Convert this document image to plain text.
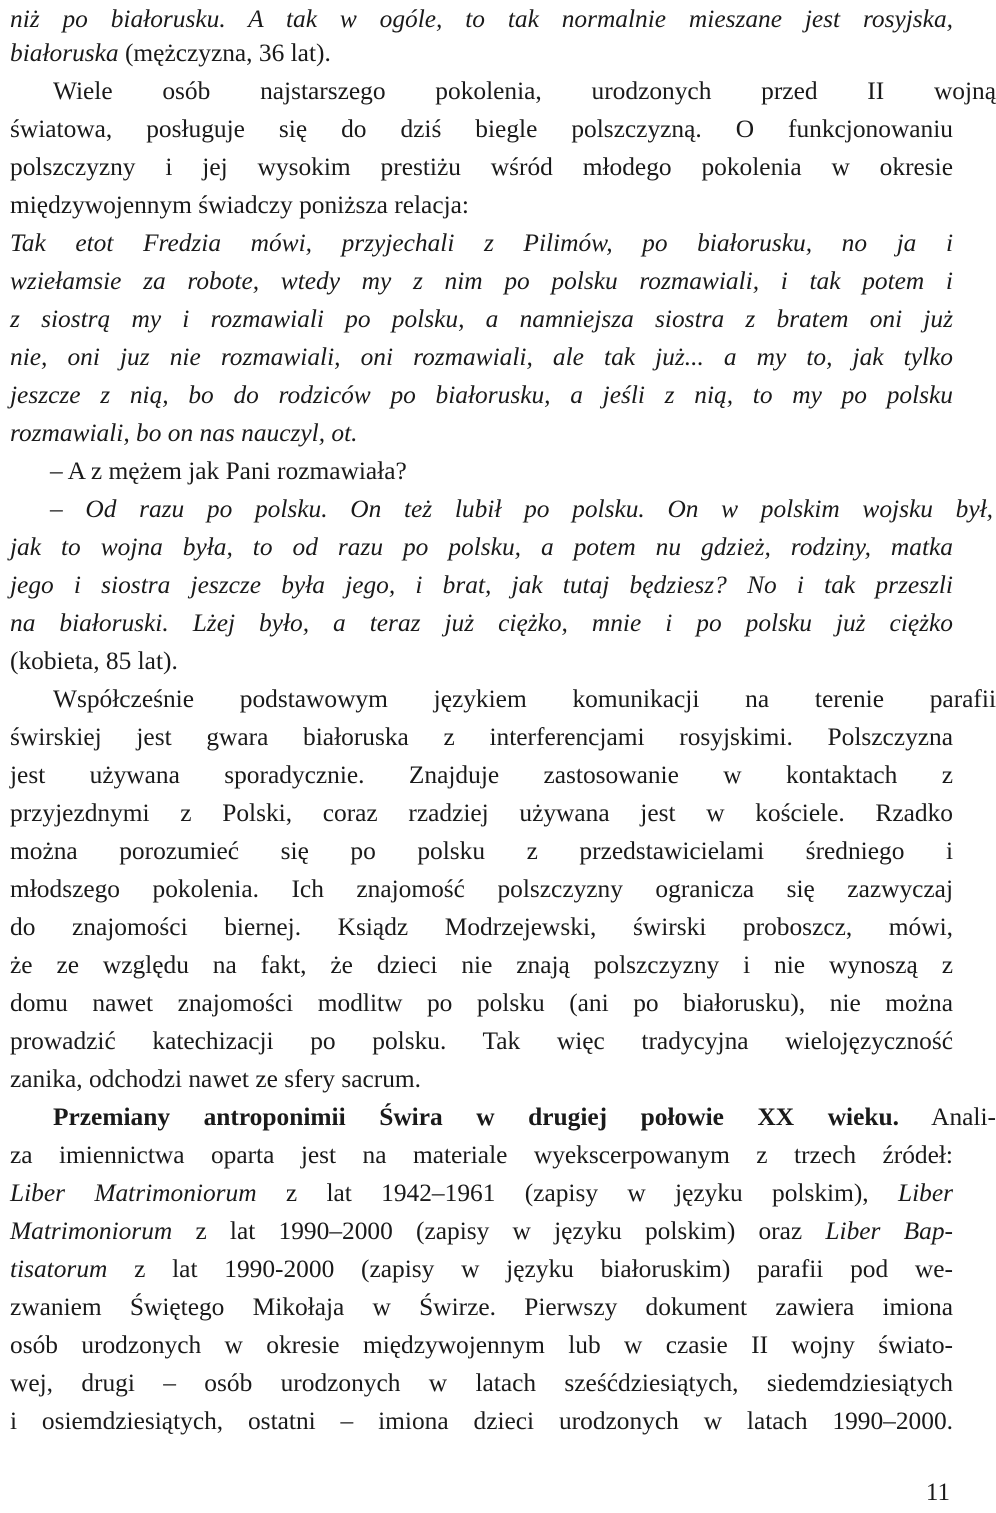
niż po białorusku. A tak w ogóle, to tak normalnie mieszane jest rosyjska,
białoruska (mężczyzna, 36 lat).
Wiele osób najstarszego pokolenia, urodzonych przed II wojną
światowa, posługuje się do dziś biegle polszczyzną. O funkcjonowaniu
polszczyzny i jej wysokim prestiżu wśród młodego pokolenia w okresie
międzywojennym świadczy poniższa relacja:
Tak etot Fredzia mówi, przyjechali z Pilimów, po białorusku, no ja i
wziełamsie za robote, wtedy my z nim po polsku rozmawiali, i tak potem i
z siostrą my i rozmawiali po polsku, a namniejsza siostra z bratem oni już
nie, oni juz nie rozmawiali, oni rozmawiali, ale tak już... a my to, jak tylko
jeszcze z nią, bo do rodziców po białorusku, a jeśli z nią, to my po polsku
rozmawiali, bo on nas nauczyl, ot.
– A z mężem jak Pani rozmawiała?
– Od razu po polsku. On też lubił po polsku. On w polskim wojsku był,
jak to wojna była, to od razu po polsku, a potem nu gdzież, rodziny, matka
jego i siostra jeszcze była jego, i brat, jak tutaj będziesz? No i tak przeszli
na białoruski. Lżej było, a teraz już ciężko, mnie i po polsku już ciężko
(kobieta, 85 lat).
Współcześnie podstawowym językiem komunikacji na terenie parafii
świrskiej jest gwara białoruska z interferencjami rosyjskimi. Polszczyzna
jest używana sporadycznie. Znajduje zastosowanie w kontaktach z
przyjezdnymi z Polski, coraz rzadziej używana jest w kościele. Rzadko
można porozumieć się po polsku z przedstawicielami średniego i
młodszego pokolenia. Ich znajomość polszczyzny ogranicza się zazwyczaj
do znajomości biernej. Ksiądz Modrzejewski, świrski proboszcz, mówi,
że ze względu na fakt, że dzieci nie znają polszczyzny i nie wynoszą z
domu nawet znajomości modlitw po polsku (ani po białorusku), nie można
prowadzić katechizacji po polsku. Tak więc tradycyjna wielojęzyczność
zanika, odchodzi nawet ze sfery sacrum.
Przemiany antroponimii Świra w drugiej połowie XX wieku. Anali-
za imiennictwa oparta jest na materiale wyekscerpowanym z trzech źródeł:
Liber Matrimoniorum z lat 1942–1961 (zapisy w języku polskim), Liber
Matrimoniorum z lat 1990–2000 (zapisy w języku polskim) oraz Liber Bap-
tisatorum z lat 1990-2000 (zapisy w języku białoruskim) parafii pod we-
zwaniem Świętego Mikołaja w Świrze. Pierwszy dokument zawiera imiona
osób urodzonych w okresie międzywojennym lub w czasie II wojny świato-
wej, drugi – osób urodzonych w latach sześćdziesiątych, siedemdziesiątych
i osiemdziesiątych, ostatni – imiona dzieci urodzonych w latach 1990–2000.
11
